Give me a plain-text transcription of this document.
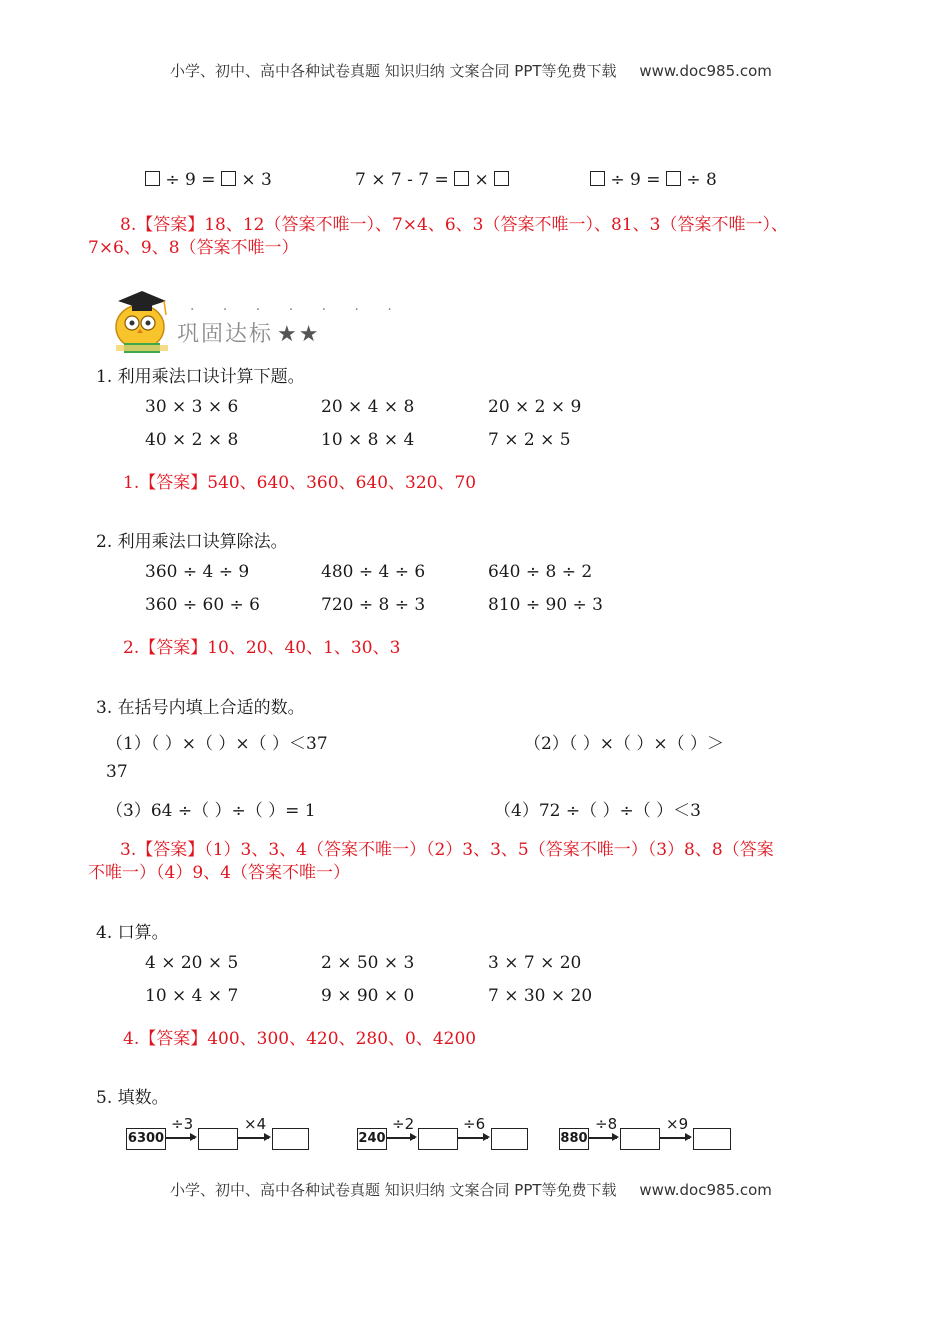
小学、初中、高中各种试卷真题 知识归纳 文案合同 PPT等免费下载 www.doc985.com
÷ 9 =  × 3	7 × 7 - 7 =  ×	÷ 9 =  ÷ 8
8.【答案】18、12（答案不唯一）、7×4、6、3（答案不唯一）、81、3（答案不唯一）、
7×6、9、8（答案不唯一）
· · · · · · ·
巩固达标 ★★
1. 利用乘法口诀计算下题。
30 × 3 × 6	20 × 4 × 8	20 × 2 × 9
40 × 2 × 8	10 × 8 × 4	7 × 2 × 5
1.【答案】540、640、360、640、320、70
2. 利用乘法口诀算除法。
360 ÷ 4 ÷ 9	480 ÷ 4 ÷ 6	640 ÷ 8 ÷ 2
360 ÷ 60 ÷ 6	720 ÷ 8 ÷ 3	810 ÷ 90 ÷ 3
2.【答案】10、20、40、1、30、3
3. 在括号内填上合适的数。
（1）（ ）×（ ）×（ ）＜37	（2）（ ）×（ ）×（ ）＞
37
（3）64 ÷（ ）÷（ ）= 1	（4）72 ÷（ ）÷（ ）＜3
3.【答案】（1）3、3、4（答案不唯一）（2）3、3、5（答案不唯一）（3）8、8（答案
不唯一）（4）9、4（答案不唯一）
4. 口算。
4 × 20 × 5	2 × 50 × 3	3 × 7 × 20
10 × 4 × 7	9 × 90 × 0	7 × 30 × 20
4.【答案】400、300、420、280、0、4200
5. 填数。
6300
÷3	×4
240
÷2	÷6
880
÷8	×9
小学、初中、高中各种试卷真题 知识归纳 文案合同 PPT等免费下载 www.doc985.com
